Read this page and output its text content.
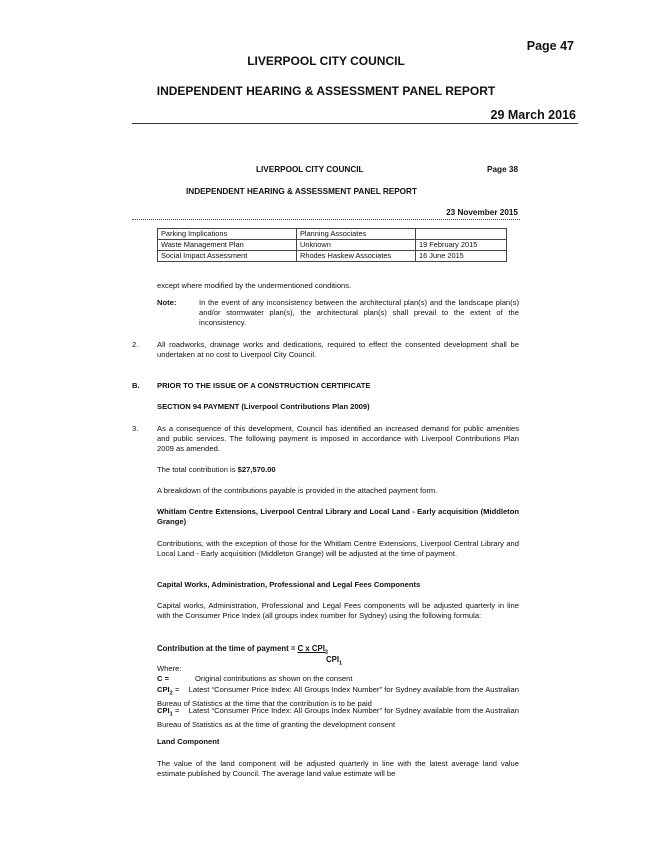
Page 47
LIVERPOOL CITY COUNCIL
INDEPENDENT HEARING & ASSESSMENT PANEL REPORT
29 March 2016
LIVERPOOL CITY COUNCIL	Page 38
INDEPENDENT HEARING & ASSESSMENT PANEL REPORT
23 November 2015
Parking Implications	Planning Associates	
Waste Management Plan	Unknown	19 February 2015
Social Impact Assessment	Rhodes Haskew Associates	16 June 2015
except where modified by the undermentioned conditions.
Note:	In the event of any inconsistency between the architectural plan(s) and the landscape plan(s) and/or stormwater plan(s), the architectural plan(s) shall prevail to the extent of the inconsistency.
2. All roadworks, drainage works and dedications, required to effect the consented development shall be undertaken at no cost to Liverpool City Council.
B. PRIOR TO THE ISSUE OF A CONSTRUCTION CERTIFICATE
SECTION 94 PAYMENT (Liverpool Contributions Plan 2009)
3. As a consequence of this development, Council has identified an increased demand for public amenities and public services. The following payment is imposed in accordance with Liverpool Contributions Plan 2009 as amended.
The total contribution is $27,570.00
A breakdown of the contributions payable is provided in the attached payment form.
Whitlam Centre Extensions, Liverpool Central Library and Local Land - Early acquisition (Middleton Grange)
Contributions, with the exception of those for the Whitlam Centre Extensions, Liverpool Central Library and Local Land - Early acquisition (Middleton Grange) will be adjusted at the time of payment.
Capital Works, Administration, Professional and Legal Fees Components
Capital works, Administration, Professional and Legal Fees components will be adjusted quarterly in line with the Consumer Price Index (all groups index number for Sydney) using the following formula:
Contribution at the time of payment = C x $CPI_2$
$CPI_1$
Where:
C =	Original contributions as shown on the consent
$CPI_2$ =    Latest “Consumer Price Index: All Groups Index Number” for Sydney available from the Australian Bureau of Statistics at the time that the contribution is to be paid
$CPI_1$ =    Latest “Consumer Price Index: All Groups Index Number” for Sydney available from the Australian Bureau of Statistics as at the time of granting the development consent
Land Component
The value of the land component will be adjusted quarterly in line with the latest average land value estimate published by Council. The average land value estimate will be
